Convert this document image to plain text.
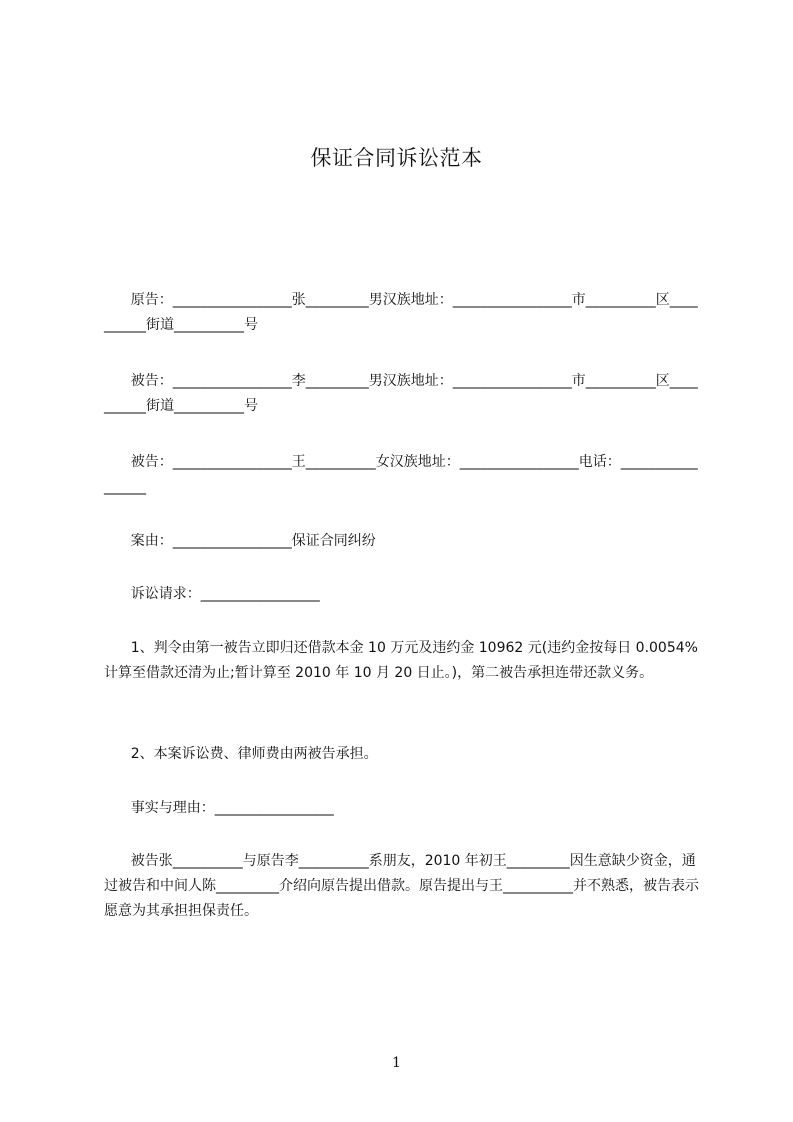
保证合同诉讼范本
原告：_________________张_________男汉族地址：_________________市__________区__________街道__________号
被告：_________________李_________男汉族地址：_________________市__________区__________街道__________号
被告：_________________王__________女汉族地址：_________________电话：_________________
案由：_________________保证合同纠纷
诉讼请求：_________________
1、判令由第一被告立即归还借款本金 10 万元及违约金 10962 元(违约金按每日 0.0054%计算至借款还清为止;暂计算至 2010 年 10 月 20 日止。)，第二被告承担连带还款义务。
2、本案诉讼费、律师费由两被告承担。
事实与理由：_________________
被告张__________与原告李__________系朋友，2010 年初王_________因生意缺少资金，通过被告和中间人陈_________介绍向原告提出借款。原告提出与王__________并不熟悉，被告表示愿意为其承担担保责任。
1
